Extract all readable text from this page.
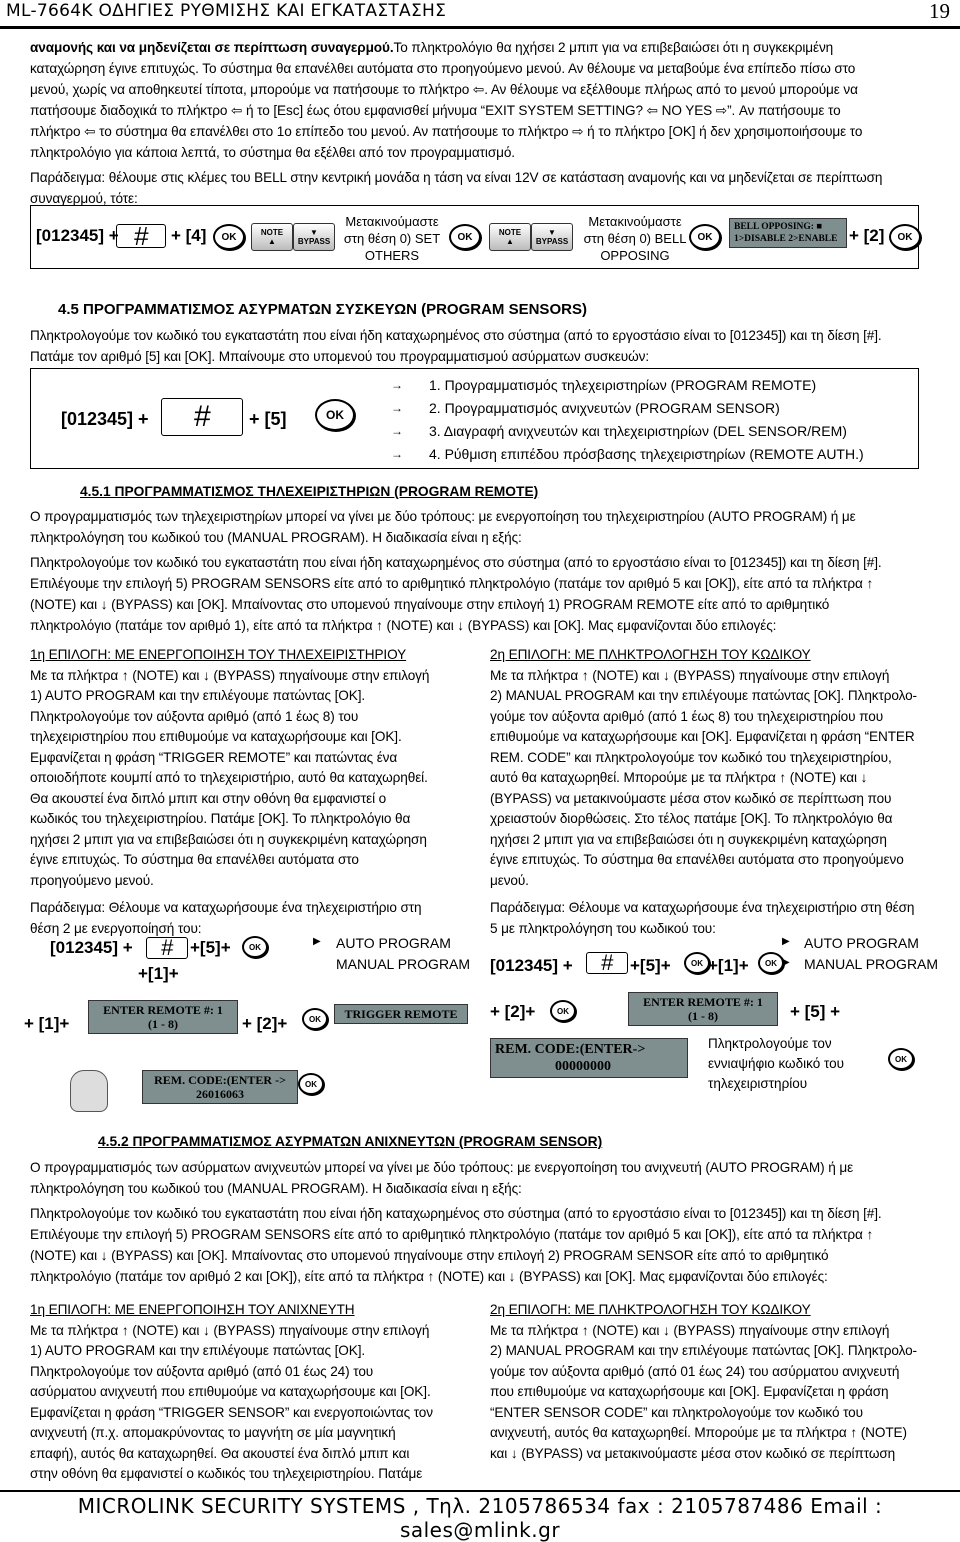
ML-7664K ΟΔΗΓΙΕΣ ΡΥΘΜΙΣΗΣ ΚΑΙ ΕΓΚΑΤΑΣΤΑΣΗΣ	19

αναμονής και να μηδενίζεται σε περίπτωση συναγερμού.Το πληκτρολόγιο θα ηχήσει 2 μπιπ για να επιβεβαιώσει ότι η συγκεκριμένη

καταχώρηση έγινε επιτυχώς. Το σύστημα θα επανέλθει αυτόματα στο προηγούμενο μενού. Αν θέλουμε να μεταβούμε ένα επίπεδο πίσω στο

μενού, χωρίς να αποθηκευτεί τίποτα, μπορούμε να πατήσουμε το πλήκτρο ⇦. Αν θέλουμε να εξέλθουμε πλήρως από το μενού μπορούμε να

πατήσουμε διαδοχικά το πλήκτρο ⇦ ή το [Esc] έως ότου εμφανισθεί μήνυμα “EXIT SYSTEM SETTING? ⇦ NO YES ⇨”. Αν πατήσουμε το

πλήκτρο ⇦ το σύστημα θα επανέλθει στο 1ο επίπεδο του μενού. Αν πατήσουμε το πλήκτρο ⇨ ή το πλήκτρο [OK] ή δεν χρησιμοποιήσουμε το

πληκτρολόγιο για κάποια λεπτά, το σύστημα θα εξέλθει από τον προγραμματισμό.

Παράδειγμα: θέλουμε στις κλέμες του BELL στην κεντρική μονάδα η τάση να είναι 12V σε κατάσταση αναμονής και να μηδενίζεται σε περίπτωση

συναγερμού, τότε:

[012345] + #	+ [4]	OK	NOTE
▲
▼
BYPASS
Μετακινούμαστε
στη θέση 0) SET
OTHERS
OK	NOTE
▲
▼
BYPASS
Μετακινούμαστε
στη θέση 0) BELL
OPPOSING
OK
BELL OPPOSING: ■
1>DISABLE 2>ENABLE + [2]	OK
4.5 ΠΡΟΓΡΑΜΜΑΤΙΣΜΟΣ ΑΣΥΡΜΑΤΩΝ ΣΥΣΚΕΥΩΝ (PROGRAM SENSORS)

Πληκτρολογούμε τον κωδικό του εγκαταστάτη που είναι ήδη καταχωρημένος στο σύστημα (από το εργοστάσιο είναι το [012345]) και τη δίεση [#].

Πατάμε τον αριθμό [5] και [OK]. Μπαίνουμε στο υπομενού του προγραμματισμού ασύρματων συσκευών:

[012345] +	#	+ [5]	OK
→	1. Προγραμματισμός τηλεχειριστηρίων (PROGRAM REMOTE)
→	2. Προγραμματισμός ανιχνευτών (PROGRAM SENSOR)
→	3. Διαγραφή ανιχνευτών και τηλεχειριστηρίων (DEL SENSOR/REM)
→	4. Ρύθμιση επιπέδου πρόσβασης τηλεχειριστηρίων (REMOTE AUTH.)
4.5.1 ΠΡΟΓΡΑΜΜΑΤΙΣΜΟΣ ΤΗΛΕΧΕΙΡΙΣΤΗΡΙΩΝ (PROGRAM REMOTE)

Ο προγραμματισμός των τηλεχειριστηρίων μπορεί να γίνει με δύο τρόπους: με ενεργοποίηση του τηλεχειριστηρίου (AUTO PROGRAM) ή με

πληκτρολόγηση του κωδικού του (MANUAL PROGRAM). Η διαδικασία είναι η εξής:

Πληκτρολογούμε τον κωδικό του εγκαταστάτη που είναι ήδη καταχωρημένος στο σύστημα (από το εργοστάσιο είναι το [012345]) και τη δίεση [#].

Επιλέγουμε την επιλογή 5) PROGRAM SENSORS είτε από το αριθμητικό πληκτρολόγιο (πατάμε τον αριθμό 5 και [OK]), είτε από τα πλήκτρα ↑

(NOTE) και ↓ (BYPASS) και [OK]. Μπαίνοντας στο υπομενού πηγαίνουμε στην επιλογή 1) PROGRAM REMOTE είτε από το αριθμητικό

πληκτρολόγιο (πατάμε τον αριθμό 1), είτε από τα πλήκτρα ↑ (NOTE) και ↓ (BYPASS) και [OK]. Μας εμφανίζονται δύο επιλογές:

1η ΕΠΙΛΟΓΗ: ΜΕ ΕΝΕΡΓΟΠΟΙΗΣΗ ΤΟΥ ΤΗΛΕΧΕΙΡΙΣΤΗΡΙΟΥ

Με τα πλήκτρα ↑ (NOTE) και ↓ (BYPASS) πηγαίνουμε στην επιλογή

1) AUTO PROGRAM και την επιλέγουμε πατώντας [OK].

Πληκτρολογούμε τον αύξοντα αριθμό (από 1 έως 8) του

τηλεχειριστηρίου που επιθυμούμε να καταχωρήσουμε και [OK].

Εμφανίζεται η φράση “TRIGGER REMOTE” και πατώντας ένα

οποιοδήποτε κουμπί από το τηλεχειριστήριο, αυτό θα καταχωρηθεί.

Θα ακουστεί ένα διπλό μπιπ και στην οθόνη θα εμφανιστεί ο

κωδικός του τηλεχειριστηρίου. Πατάμε [OK]. Το πληκτρολόγιο θα

ηχήσει 2 μπιπ για να επιβεβαιώσει ότι η συγκεκριμένη καταχώρηση

έγινε επιτυχώς. Το σύστημα θα επανέλθει αυτόματα στο

προηγούμενο μενού.

Παράδειγμα: Θέλουμε να καταχωρήσουμε ένα τηλεχειριστήριο στη

θέση 2 με ενεργοποίησή του:

[012345] +	# +[5]+	OK
+[1]+
▶ AUTO PROGRAM
MANUAL PROGRAM
+ [1]+
ENTER REMOTE #: 1
(1 - 8)	+ [2]+	OK	TRIGGER REMOTE
REM. CODE:(ENTER ->
26016063
OK

2η ΕΠΙΛΟΓΗ: ΜΕ ΠΛΗΚΤΡΟΛΟΓΗΣΗ ΤΟΥ ΚΩΔΙΚΟΥ

Με τα πλήκτρα ↑ (NOTE) και ↓ (BYPASS) πηγαίνουμε στην επιλογή

2) MANUAL PROGRAM και την επιλέγουμε πατώντας [OK]. Πληκτρολο-

γούμε τον αύξοντα αριθμό (από 1 έως 8) του τηλεχειριστηρίου που

επιθυμούμε να καταχωρήσουμε και [OK]. Εμφανίζεται η φράση “ENTER

REM. CODE” και πληκτρολογούμε τον κωδικό του τηλεχειριστηρίου,

αυτό θα καταχωρηθεί. Μπορούμε με τα πλήκτρα ↑ (NOTE) και ↓

(BYPASS) να μετακινούμαστε μέσα στον κωδικό σε περίπτωση που

χρειαστούν διορθώσεις. Στο τέλος πατάμε [OK]. Το πληκτρολόγιο θα

ηχήσει 2 μπιπ για να επιβεβαιώσει ότι η συγκεκριμένη καταχώρηση

έγινε επιτυχώς. Το σύστημα θα επανέλθει αυτόματα στο προηγούμενο

μενού.

Παράδειγμα: Θέλουμε να καταχωρήσουμε ένα τηλεχειριστήριο στη θέση

5 με πληκτρολόγηση του κωδικού του:

[012345] +	# +[5]+	OK +[1]+	OK
▶ AUTO PROGRAM
▶ MANUAL PROGRAM
+ [2]+	OK
ENTER REMOTE #: 1
(1 - 8)	+ [5] +
REM. CODE:(ENTER->
00000000
Πληκτρολογούμε τον
εννιαψήφιο κωδικό του
τηλεχειριστηρίου
OK
4.5.2 ΠΡΟΓΡΑΜΜΑΤΙΣΜΟΣ ΑΣΥΡΜΑΤΩΝ ΑΝΙΧΝΕΥΤΩΝ (PROGRAM SENSOR)

Ο προγραμματισμός των ασύρματων ανιχνευτών μπορεί να γίνει με δύο τρόπους: με ενεργοποίηση του ανιχνευτή (AUTO PROGRAM) ή με

πληκτρολόγηση του κωδικού του (MANUAL PROGRAM). Η διαδικασία είναι η εξής:

Πληκτρολογούμε τον κωδικό του εγκαταστάτη που είναι ήδη καταχωρημένος στο σύστημα (από το εργοστάσιο είναι το [012345]) και τη δίεση [#].

Επιλέγουμε την επιλογή 5) PROGRAM SENSORS είτε από το αριθμητικό πληκτρολόγιο (πατάμε τον αριθμό 5 και [OK]), είτε από τα πλήκτρα ↑

(NOTE) και ↓ (BYPASS) και [OK]. Μπαίνοντας στο υπομενού πηγαίνουμε στην επιλογή 2) PROGRAM SENSOR είτε από το αριθμητικό

πληκτρολόγιο (πατάμε τον αριθμό 2 και [OK]), είτε από τα πλήκτρα ↑ (NOTE) και ↓ (BYPASS) και [OK]. Μας εμφανίζονται δύο επιλογές:

1η ΕΠΙΛΟΓΗ: ΜΕ ΕΝΕΡΓΟΠΟΙΗΣΗ ΤΟΥ ΑΝΙΧΝΕΥΤΗ

Με τα πλήκτρα ↑ (NOTE) και ↓ (BYPASS) πηγαίνουμε στην επιλογή

1) AUTO PROGRAM και την επιλέγουμε πατώντας [OK].

Πληκτρολογούμε τον αύξοντα αριθμό (από 01 έως 24) του

ασύρματου ανιχνευτή που επιθυμούμε να καταχωρήσουμε και [OK].

Εμφανίζεται η φράση “TRIGGER SENSOR” και ενεργοποιώντας τον

ανιχνευτή (π.χ. απομακρύνοντας το μαγνήτη σε μία μαγνητική

επαφή), αυτός θα καταχωρηθεί. Θα ακουστεί ένα διπλό μπιπ και

στην οθόνη θα εμφανιστεί ο κωδικός του τηλεχειριστηρίου. Πατάμε

2η ΕΠΙΛΟΓΗ: ΜΕ ΠΛΗΚΤΡΟΛΟΓΗΣΗ ΤΟΥ ΚΩΔΙΚΟΥ

Με τα πλήκτρα ↑ (NOTE) και ↓ (BYPASS) πηγαίνουμε στην επιλογή

2) MANUAL PROGRAM και την επιλέγουμε πατώντας [OK]. Πληκτρολο-

γούμε τον αύξοντα αριθμό (από 01 έως 24) του ασύρματου ανιχνευτή

που επιθυμούμε να καταχωρήσουμε και [OK]. Εμφανίζεται η φράση

“ENTER SENSOR CODE” και πληκτρολογούμε τον κωδικό του

ανιχνευτή, αυτός θα καταχωρηθεί. Μπορούμε με τα πλήκτρα ↑ (NOTE)

και ↓ (BYPASS) να μετακινούμαστε μέσα στον κωδικό σε περίπτωση

MICROLINK SECURITY SYSTEMS , Τηλ. 2105786534 fax : 2105787486 Email : sales@mlink.gr
